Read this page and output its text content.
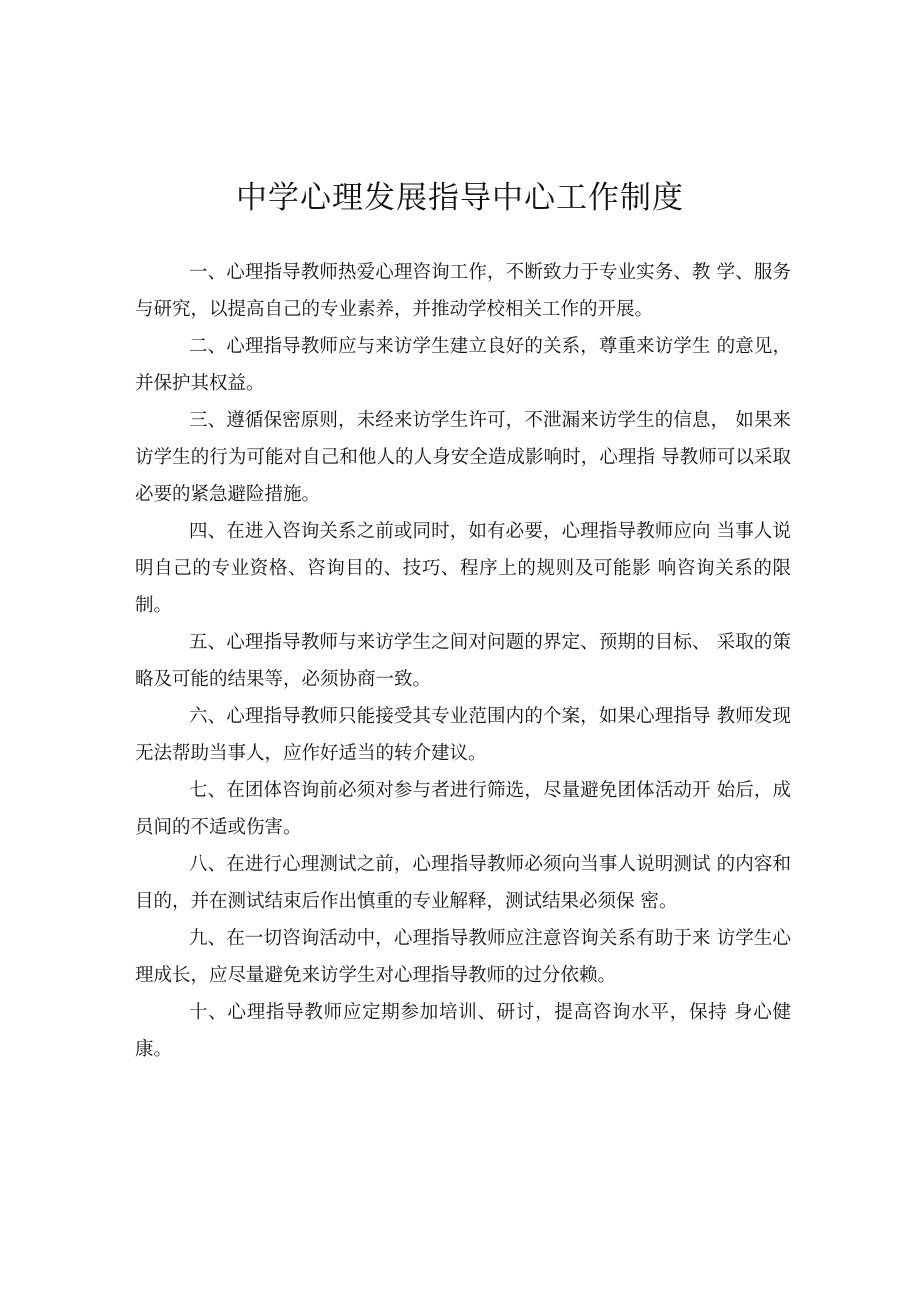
中学心理发展指导中心工作制度

一、心理指导教师热爱心理咨询工作，不断致力于专业实务、教 学、服务与研究，以提高自己的专业素养，并推动学校相关工作的开展。

二、心理指导教师应与来访学生建立良好的关系，尊重来访学生 的意见，并保护其权益。

三、遵循保密原则，未经来访学生许可，不泄漏来访学生的信息， 如果来访学生的行为可能对自己和他人的人身安全造成影响时，心理指 导教师可以采取必要的紧急避险措施。

四、在进入咨询关系之前或同时，如有必要，心理指导教师应向 当事人说明自己的专业资格、咨询目的、技巧、程序上的规则及可能影 响咨询关系的限制。

五、心理指导教师与来访学生之间对问题的界定、预期的目标、 采取的策略及可能的结果等，必须协商一致。

六、心理指导教师只能接受其专业范围内的个案，如果心理指导 教师发现无法帮助当事人，应作好适当的转介建议。

七、在团体咨询前必须对参与者进行筛选，尽量避免团体活动开 始后，成员间的不适或伤害。

八、在进行心理测试之前，心理指导教师必须向当事人说明测试 的内容和目的，并在测试结束后作出慎重的专业解释，测试结果必须保 密。

九、在一切咨询活动中，心理指导教师应注意咨询关系有助于来 访学生心理成长，应尽量避免来访学生对心理指导教师的过分依赖。

十、心理指导教师应定期参加培训、研讨，提高咨询水平，保持 身心健康。
